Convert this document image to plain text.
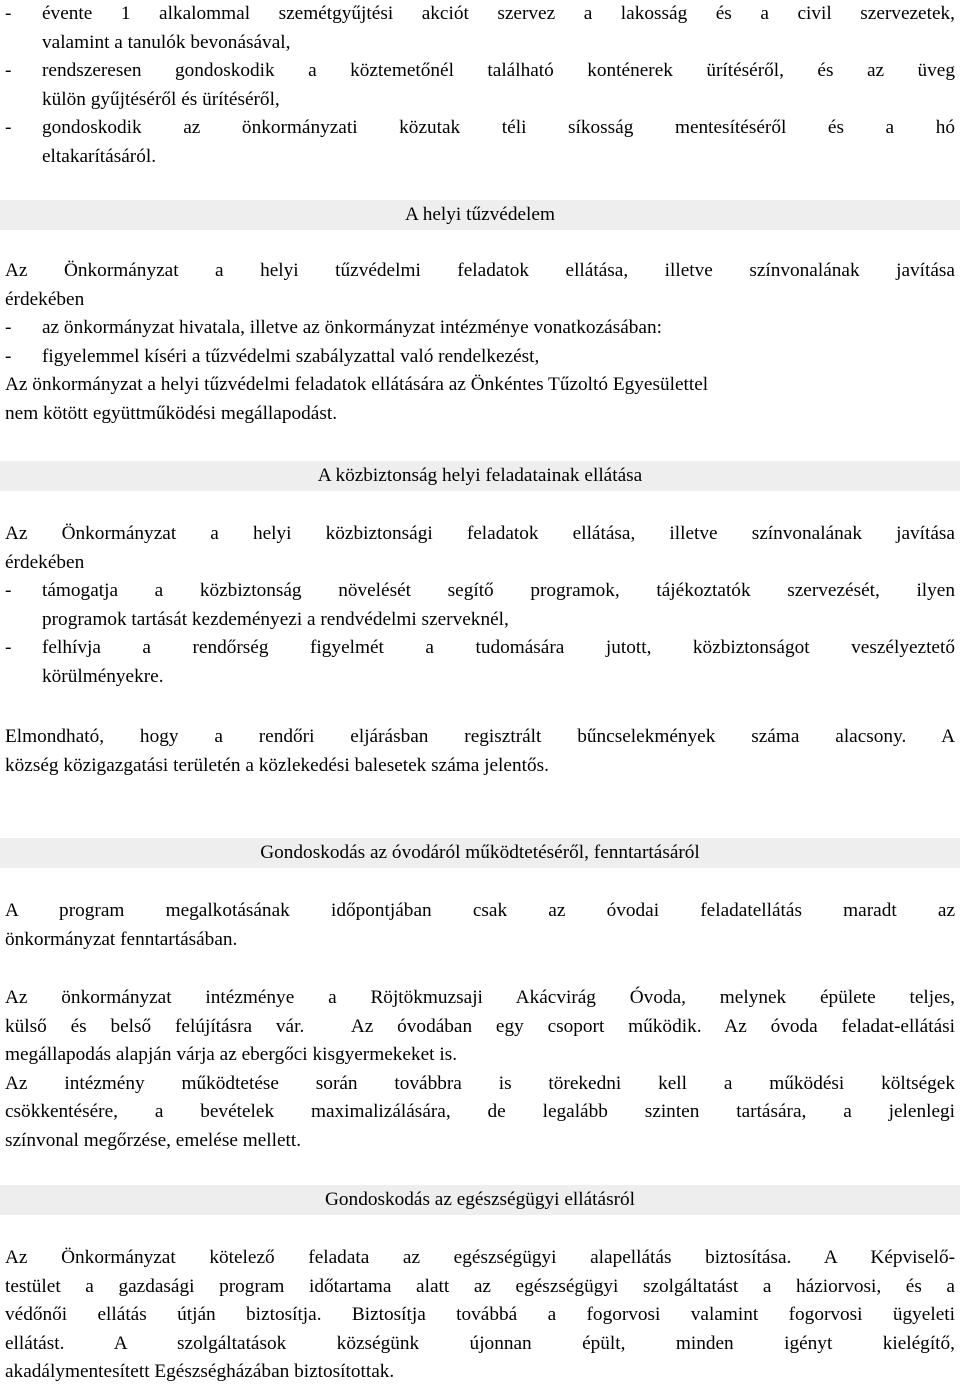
-	évente 1 alkalommal szemétgyűjtési akciót szervez a lakosság és a civil szervezetek,
valamint a tanulók bevonásával,
-	rendszeresen gondoskodik a köztemetőnél található konténerek ürítéséről, és az üveg
külön gyűjtéséről és ürítéséről,
-	gondoskodik az önkormányzati közutak téli síkosság mentesítéséről és a hó
eltakarításáról.
A helyi tűzvédelem
Az Önkormányzat a helyi tűzvédelmi feladatok ellátása, illetve színvonalának javítása
érdekében
-	az önkormányzat hivatala, illetve az önkormányzat intézménye vonatkozásában:
-	figyelemmel kíséri a tűzvédelmi szabályzattal való rendelkezést,
Az önkormányzat a helyi tűzvédelmi feladatok ellátására az Önkéntes Tűzoltó Egyesülettel
nem kötött együttműködési megállapodást.
A közbiztonság helyi feladatainak ellátása
Az Önkormányzat a helyi közbiztonsági feladatok ellátása, illetve színvonalának javítása
érdekében
-	támogatja a közbiztonság növelését segítő programok, tájékoztatók szervezését, ilyen
programok tartását kezdeményezi a rendvédelmi szerveknél,
-	felhívja a rendőrség figyelmét a tudomására jutott, közbiztonságot veszélyeztető
körülményekre.
Elmondható, hogy a rendőri eljárásban regisztrált bűncselekmények száma alacsony. A
község közigazgatási területén a közlekedési balesetek száma jelentős.
Gondoskodás az óvodáról működtetéséről, fenntartásáról
A program megalkotásának időpontjában csak az óvodai feladatellátás maradt az
önkormányzat fenntartásában.
Az önkormányzat intézménye a Röjtökmuzsaji Akácvirág Óvoda, melynek épülete teljes,
külső és belső felújításra vár.  Az óvodában egy csoport működik. Az óvoda feladat-ellátási
megállapodás alapján várja az ebergőci kisgyermekeket is.
Az intézmény működtetése során továbbra is törekedni kell a működési költségek
csökkentésére, a bevételek maximalizálására, de legalább szinten tartására, a jelenlegi
színvonal megőrzése, emelése mellett.
Gondoskodás az egészségügyi ellátásról
Az Önkormányzat kötelező feladata az egészségügyi alapellátás biztosítása. A Képviselő-
testület a gazdasági program időtartama alatt az egészségügyi szolgáltatást a háziorvosi, és a
védőnői ellátás útján biztosítja. Biztosítja továbbá a fogorvosi valamint fogorvosi ügyeleti
ellátást. A szolgáltatások községünk újonnan épült, minden igényt kielégítő,
akadálymentesített Egészségházában biztosítottak.
